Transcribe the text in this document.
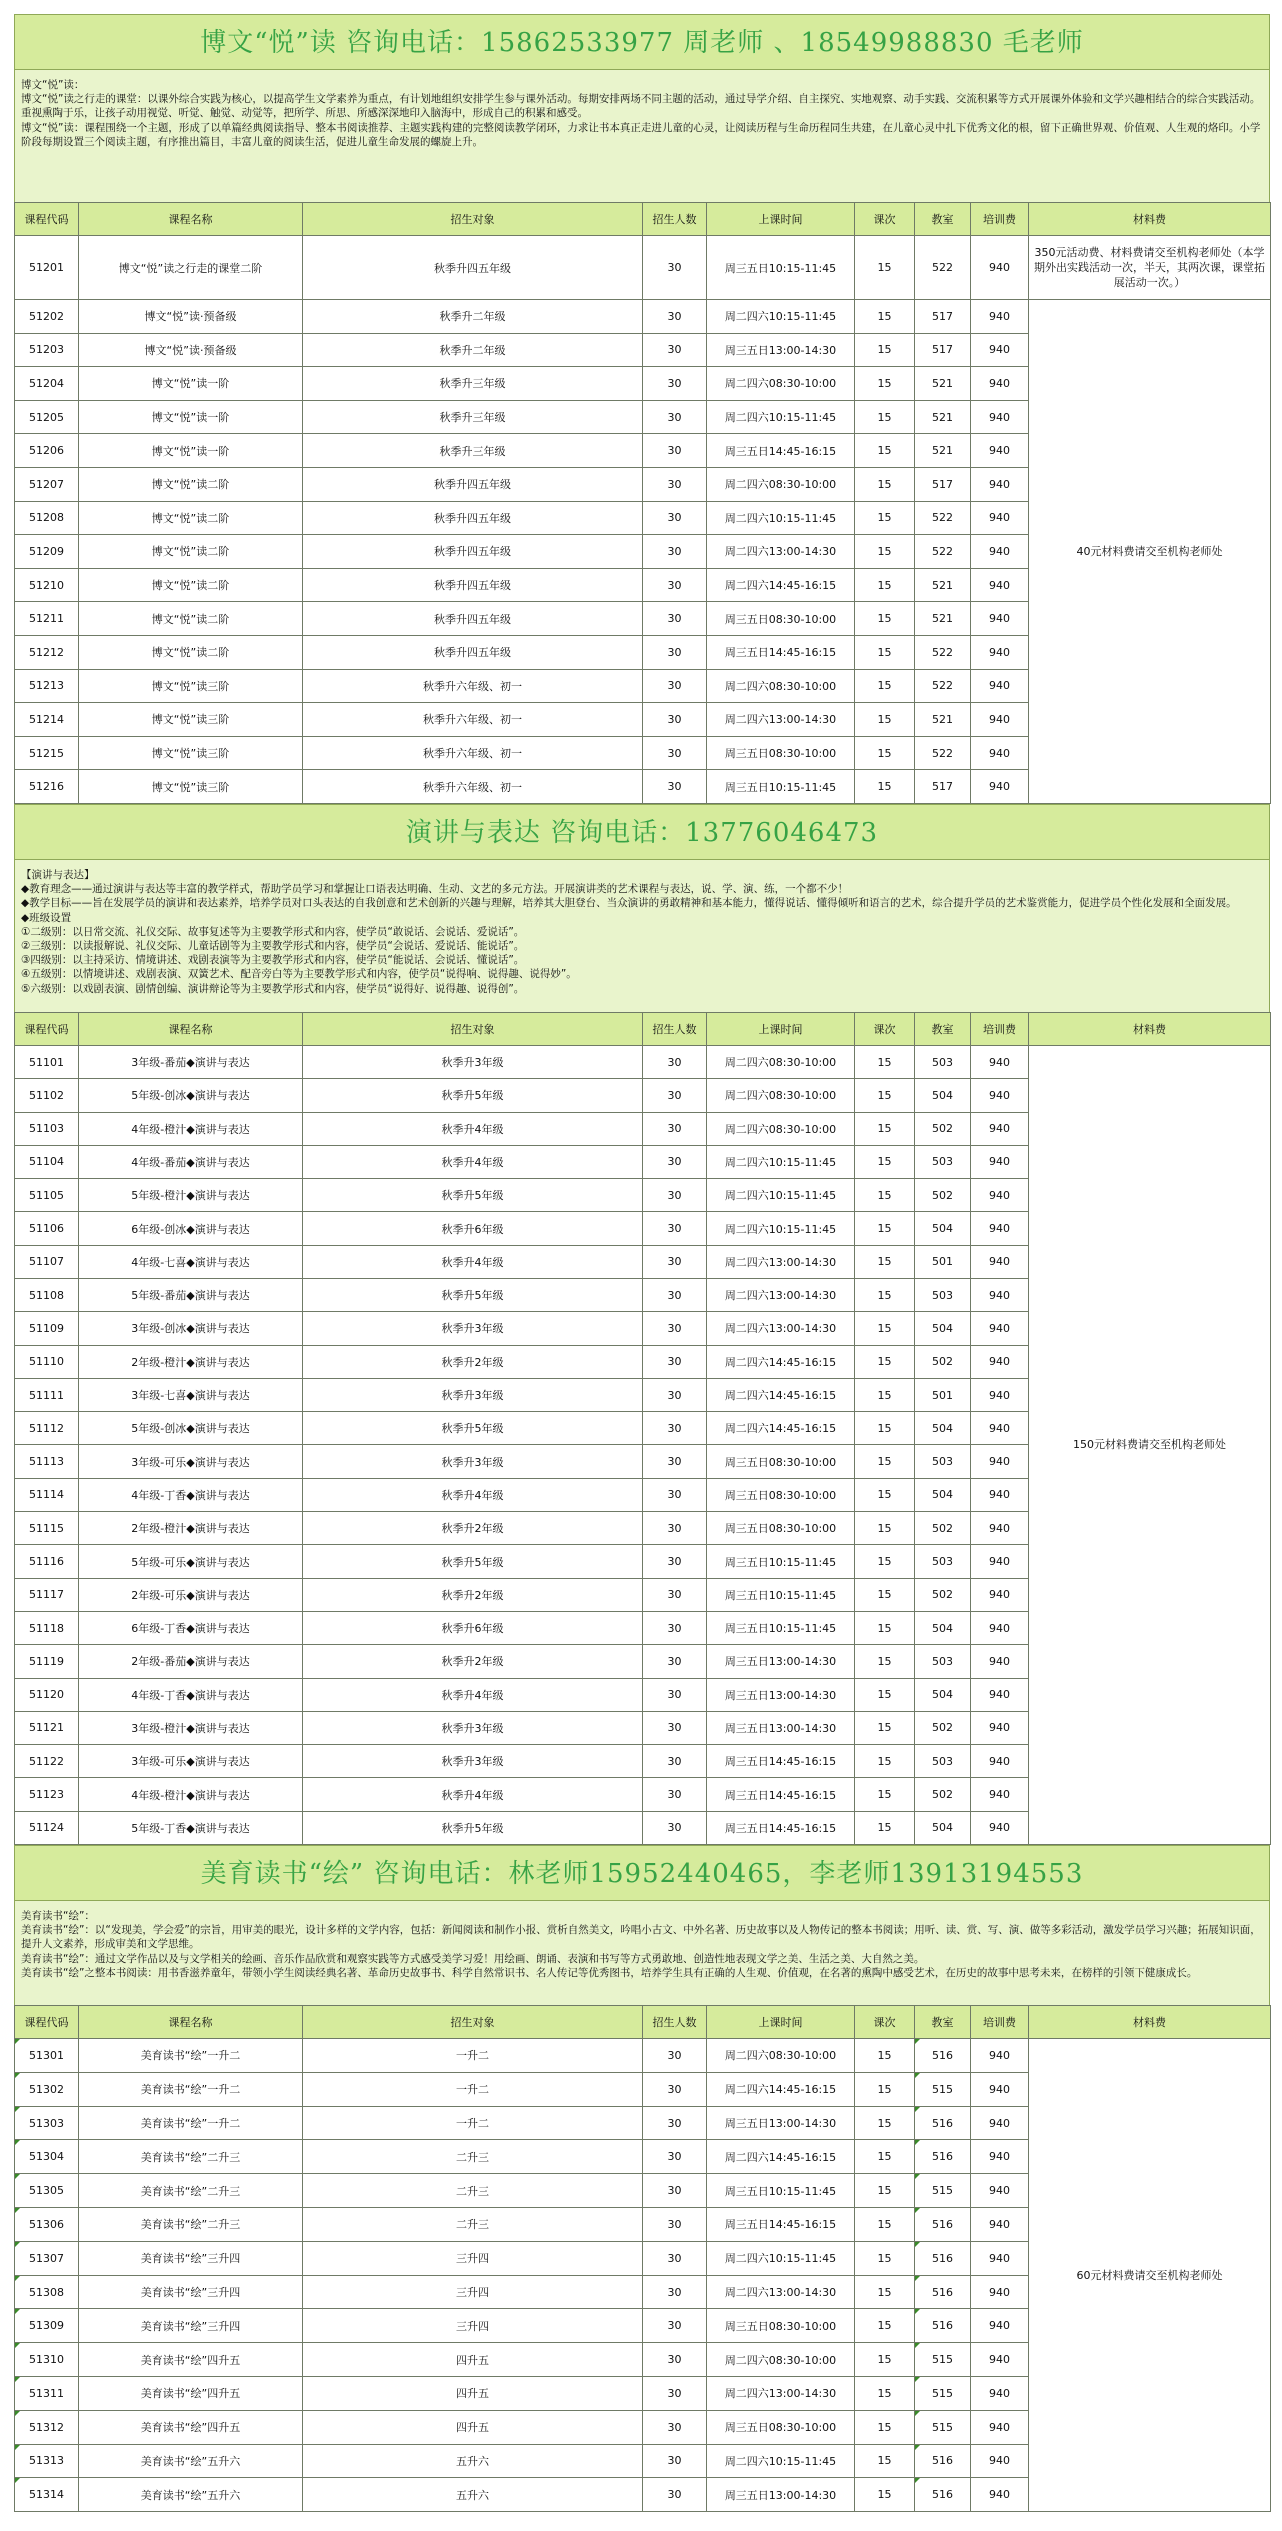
博文“悦”读 咨询电话：15862533977 周老师 、18549988830 毛老师

博文“悦”读：

博文“悦”读之行走的课堂：以课外综合实践为核心，以提高学生文学素养为重点，有计划地组织安排学生参与课外活动。每期安排两场不同主题的活动，通过导学介绍、自主探究、实地观察、动手实践、交流积累等方式开展课外体验和文学兴趣相结合的综合实践活动。重视熏陶于乐，让孩子动用视觉、听觉、触觉、动觉等，把所学、所思、所感深深地印入脑海中，形成自己的积累和感受。

博文“悦”读：课程围绕一个主题，形成了以单篇经典阅读指导、整本书阅读推荐、主题实践构建的完整阅读教学闭环，力求让书本真正走进儿童的心灵，让阅读历程与生命历程同生共建，在儿童心灵中扎下优秀文化的根，留下正确世界观、价值观、人生观的烙印。小学阶段每期设置三个阅读主题，有序推出篇目，丰富儿童的阅读生活，促进儿童生命发展的螺旋上升。

课程代码	课程名称	招生对象	招生人数	上课时间	课次	教室	培训费	材料费
51201	博文“悦”读之行走的课堂二阶	秋季升四五年级	30	周三五日10:15-11:45	15	522	940	350元活动费、材料费请交至机构老师处（本学期外出实践活动一次，半天，其两次课，课堂拓展活动一次。）
51202	博文“悦”读·预备级	秋季升二年级	30	周二四六10:15-11:45	15	517	940	40元材料费请交至机构老师处
51203	博文“悦”读·预备级	秋季升二年级	30	周三五日13:00-14:30	15	517	940	
51204	博文“悦”读一阶	秋季升三年级	30	周二四六08:30-10:00	15	521	940	
51205	博文“悦”读一阶	秋季升三年级	30	周二四六10:15-11:45	15	521	940	
51206	博文“悦”读一阶	秋季升三年级	30	周三五日14:45-16:15	15	521	940	
51207	博文“悦”读二阶	秋季升四五年级	30	周二四六08:30-10:00	15	517	940	
51208	博文“悦”读二阶	秋季升四五年级	30	周二四六10:15-11:45	15	522	940	
51209	博文“悦”读二阶	秋季升四五年级	30	周二四六13:00-14:30	15	522	940	
51210	博文“悦”读二阶	秋季升四五年级	30	周二四六14:45-16:15	15	521	940	
51211	博文“悦”读二阶	秋季升四五年级	30	周三五日08:30-10:00	15	521	940	
51212	博文“悦”读二阶	秋季升四五年级	30	周三五日14:45-16:15	15	522	940	
51213	博文“悦”读三阶	秋季升六年级、初一	30	周二四六08:30-10:00	15	522	940	
51214	博文“悦”读三阶	秋季升六年级、初一	30	周二四六13:00-14:30	15	521	940	
51215	博文“悦”读三阶	秋季升六年级、初一	30	周三五日08:30-10:00	15	522	940	
51216	博文“悦”读三阶	秋季升六年级、初一	30	周三五日10:15-11:45	15	517	940	
演讲与表达 咨询电话：13776046473

【演讲与表达】

◆教育理念——通过演讲与表达等丰富的教学样式，帮助学员学习和掌握让口语表达明确、生动、文艺的多元方法。开展演讲类的艺术课程与表达，说、学、演、练，一个都不少！

◆教学目标——旨在发展学员的演讲和表达素养，培养学员对口头表达的自我创意和艺术创新的兴趣与理解，培养其大胆登台、当众演讲的勇敢精神和基本能力，懂得说话、懂得倾听和语言的艺术，综合提升学员的艺术鉴赏能力，促进学员个性化发展和全面发展。

◆班级设置

①二级别：以日常交流、礼仪交际、故事复述等为主要教学形式和内容，使学员“敢说话、会说话、爱说话”。

②三级别：以读报解说、礼仪交际、儿童话剧等为主要教学形式和内容，使学员“会说话、爱说话、能说话”。

③四级别：以主持采访、情境讲述、戏剧表演等为主要教学形式和内容，使学员“能说话、会说话、懂说话”。

④五级别：以情境讲述、戏剧表演、双簧艺术、配音旁白等为主要教学形式和内容，使学员“说得响、说得趣、说得妙”。

⑤六级别：以戏剧表演、剧情创编、演讲辩论等为主要教学形式和内容，使学员“说得好、说得趣、说得创”。

课程代码	课程名称	招生对象	招生人数	上课时间	课次	教室	培训费	材料费
51101	3年级-番茄◆演讲与表达	秋季升3年级	30	周二四六08:30-10:00	15	503	940	150元材料费请交至机构老师处
51102	5年级-创冰◆演讲与表达	秋季升5年级	30	周二四六08:30-10:00	15	504	940	
51103	4年级-橙汁◆演讲与表达	秋季升4年级	30	周二四六08:30-10:00	15	502	940	
51104	4年级-番茄◆演讲与表达	秋季升4年级	30	周二四六10:15-11:45	15	503	940	
51105	5年级-橙汁◆演讲与表达	秋季升5年级	30	周二四六10:15-11:45	15	502	940	
51106	6年级-创冰◆演讲与表达	秋季升6年级	30	周二四六10:15-11:45	15	504	940	
51107	4年级-七喜◆演讲与表达	秋季升4年级	30	周二四六13:00-14:30	15	501	940	
51108	5年级-番茄◆演讲与表达	秋季升5年级	30	周二四六13:00-14:30	15	503	940	
51109	3年级-创冰◆演讲与表达	秋季升3年级	30	周二四六13:00-14:30	15	504	940	
51110	2年级-橙汁◆演讲与表达	秋季升2年级	30	周二四六14:45-16:15	15	502	940	
51111	3年级-七喜◆演讲与表达	秋季升3年级	30	周二四六14:45-16:15	15	501	940	
51112	5年级-创冰◆演讲与表达	秋季升5年级	30	周二四六14:45-16:15	15	504	940	
51113	3年级-可乐◆演讲与表达	秋季升3年级	30	周三五日08:30-10:00	15	503	940	
51114	4年级-丁香◆演讲与表达	秋季升4年级	30	周三五日08:30-10:00	15	504	940	
51115	2年级-橙汁◆演讲与表达	秋季升2年级	30	周三五日08:30-10:00	15	502	940	
51116	5年级-可乐◆演讲与表达	秋季升5年级	30	周三五日10:15-11:45	15	503	940	
51117	2年级-可乐◆演讲与表达	秋季升2年级	30	周三五日10:15-11:45	15	502	940	
51118	6年级-丁香◆演讲与表达	秋季升6年级	30	周三五日10:15-11:45	15	504	940	
51119	2年级-番茄◆演讲与表达	秋季升2年级	30	周三五日13:00-14:30	15	503	940	
51120	4年级-丁香◆演讲与表达	秋季升4年级	30	周三五日13:00-14:30	15	504	940	
51121	3年级-橙汁◆演讲与表达	秋季升3年级	30	周三五日13:00-14:30	15	502	940	
51122	3年级-可乐◆演讲与表达	秋季升3年级	30	周三五日14:45-16:15	15	503	940	
51123	4年级-橙汁◆演讲与表达	秋季升4年级	30	周三五日14:45-16:15	15	502	940	
51124	5年级-丁香◆演讲与表达	秋季升5年级	30	周三五日14:45-16:15	15	504	940	
美育读书“绘” 咨询电话：林老师15952440465，李老师13913194553

美育读书“绘”：

美育读书“绘”：以“发现美，学会爱”的宗旨，用审美的眼光，设计多样的文学内容，包括：新闻阅读和制作小报、赏析自然美文，吟唱小古文、中外名著、历史故事以及人物传记的整本书阅读；用听、读、赏、写、演、做等多彩活动，激发学员学习兴趣；拓展知识面，提升人文素养，形成审美和文学思维。

美育读书“绘”：通过文学作品以及与文学相关的绘画、音乐作品欣赏和观察实践等方式感受美学习爱！用绘画、朗诵、表演和书写等方式勇敢地、创造性地表现文学之美、生活之美、大自然之美。

美育读书“绘”之整本书阅读：用书香滋养童年，带领小学生阅读经典名著、革命历史故事书、科学自然常识书、名人传记等优秀图书，培养学生具有正确的人生观、价值观，在名著的熏陶中感受艺术，在历史的故事中思考未来，在榜样的引领下健康成长。

课程代码	课程名称	招生对象	招生人数	上课时间	课次	教室	培训费	材料费
51301	美育读书“绘”一升二	一升二	30	周二四六08:30-10:00	15	516	940	60元材料费请交至机构老师处
51302	美育读书“绘”一升二	一升二	30	周二四六14:45-16:15	15	515	940	
51303	美育读书“绘”一升二	一升二	30	周三五日13:00-14:30	15	516	940	
51304	美育读书“绘”二升三	二升三	30	周二四六14:45-16:15	15	516	940	
51305	美育读书“绘”二升三	二升三	30	周三五日10:15-11:45	15	515	940	
51306	美育读书“绘”二升三	二升三	30	周三五日14:45-16:15	15	516	940	
51307	美育读书“绘”三升四	三升四	30	周二四六10:15-11:45	15	516	940	
51308	美育读书“绘”三升四	三升四	30	周二四六13:00-14:30	15	516	940	
51309	美育读书“绘”三升四	三升四	30	周三五日08:30-10:00	15	516	940	
51310	美育读书“绘”四升五	四升五	30	周二四六08:30-10:00	15	515	940	
51311	美育读书“绘”四升五	四升五	30	周二四六13:00-14:30	15	515	940	
51312	美育读书“绘”四升五	四升五	30	周三五日08:30-10:00	15	515	940	
51313	美育读书“绘”五升六	五升六	30	周二四六10:15-11:45	15	516	940	
51314	美育读书“绘”五升六	五升六	30	周三五日13:00-14:30	15	516	940	
